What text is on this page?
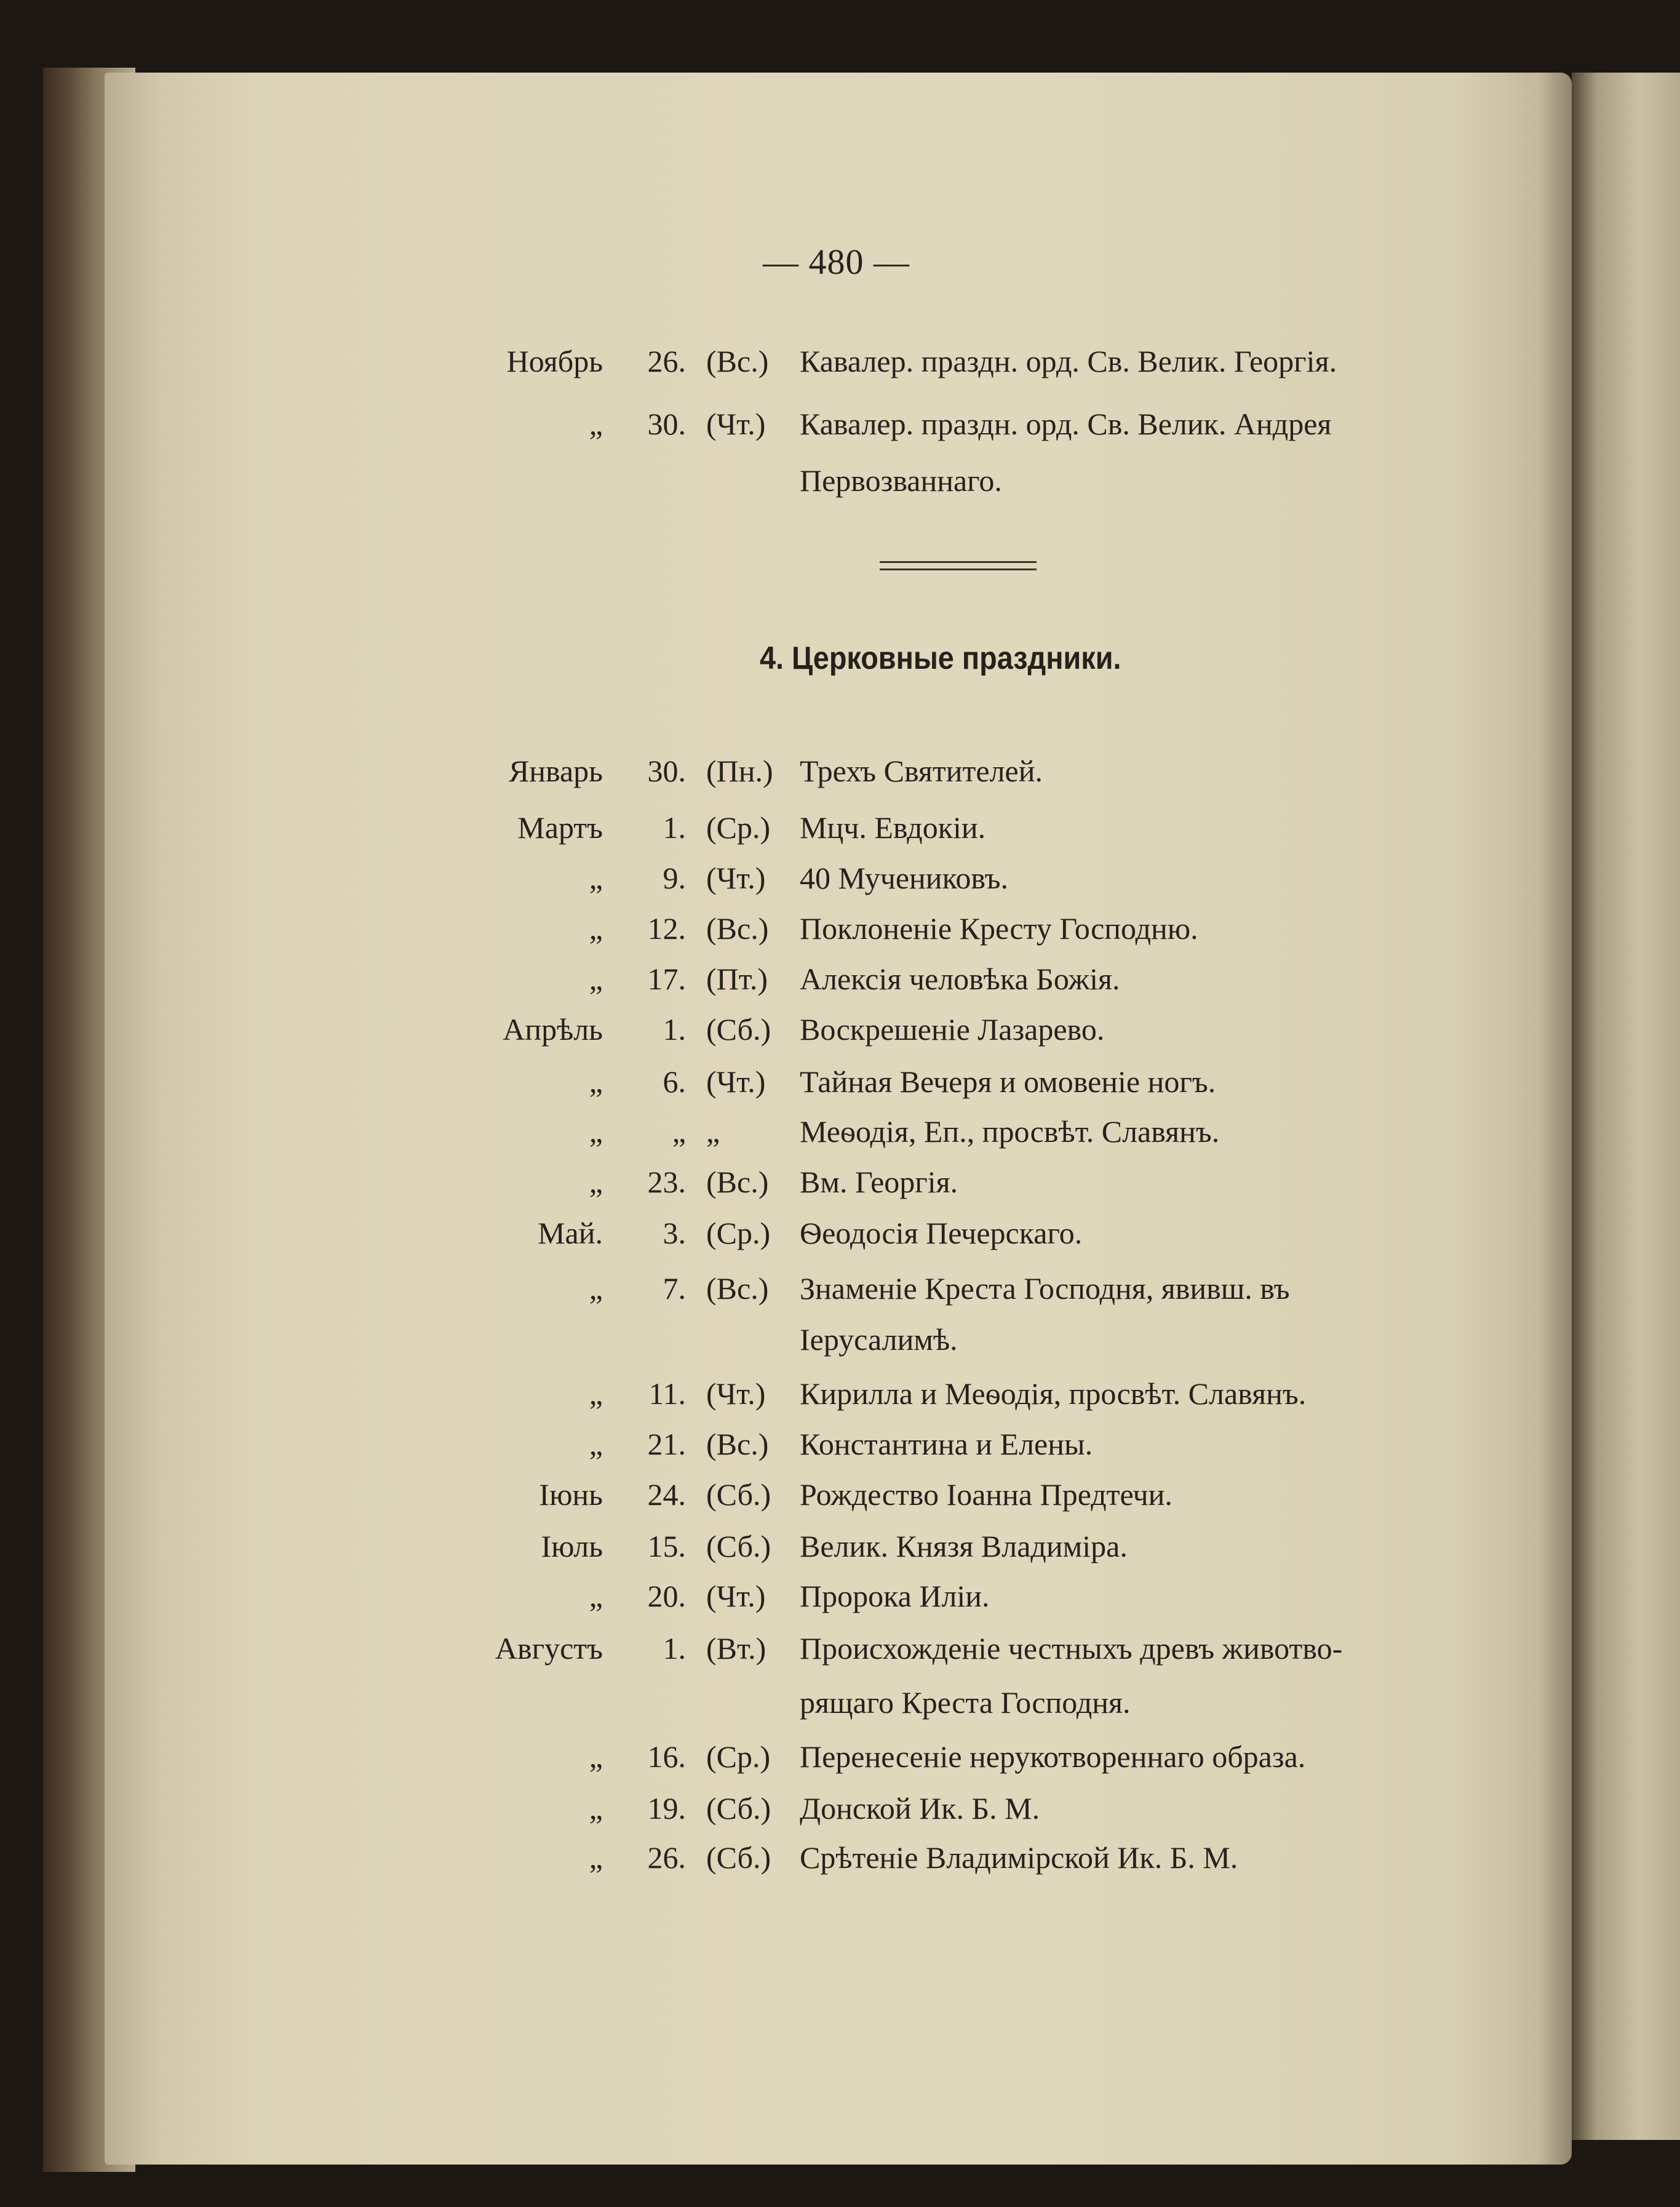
— 480 —
Ноябрь 26. (Вс.) Кавалер. праздн. орд. Св. Велик. Георгія.
„ 30. (Чт.) Кавалер. праздн. орд. Св. Велик. Андрея
Первозваннаго.
4. Церковные праздники.
Январь 30. (Пн.) Трехъ Святителей.
Мартъ 1. (Ср.) Мцч. Евдокіи.
„ 9. (Чт.) 40 Мучениковъ.
„ 12. (Вс.) Поклоненіе Кресту Господню.
„ 17. (Пт.) Алексія человѣка Божія.
Апрѣль 1. (Сб.) Воскрешеніе Лазарево.
„ 6. (Чт.) Тайная Вечеря и омовеніе ногъ.
„ „ „	Меѳодія, Еп., просвѣт. Славянъ.
„ 23. (Вс.) Вм. Георгія.
Май. 3. (Ср.) Ѳеодосія Печерскаго.
„ 7. (Вс.) Знаменіе Креста Господня, явивш. въ
Іерусалимѣ.
„ 11. (Чт.) Кирилла и Меѳодія, просвѣт. Славянъ.
„ 21. (Вс.) Константина и Елены.
Іюнь 24. (Сб.) Рождество Іоанна Предтечи.
Іюль 15. (Сб.) Велик. Князя Владиміра.
„ 20. (Чт.) Пророка Иліи.
Августъ 1. (Вт.) Происхожденіе честныхъ древъ животво-
рящаго Креста Господня.
„ 16. (Ср.) Перенесеніе нерукотвореннаго образа.
„ 19. (Сб.) Донской Ик. Б. М.
„ 26. (Сб.) Срѣтеніе Владимірской Ик. Б. М.
